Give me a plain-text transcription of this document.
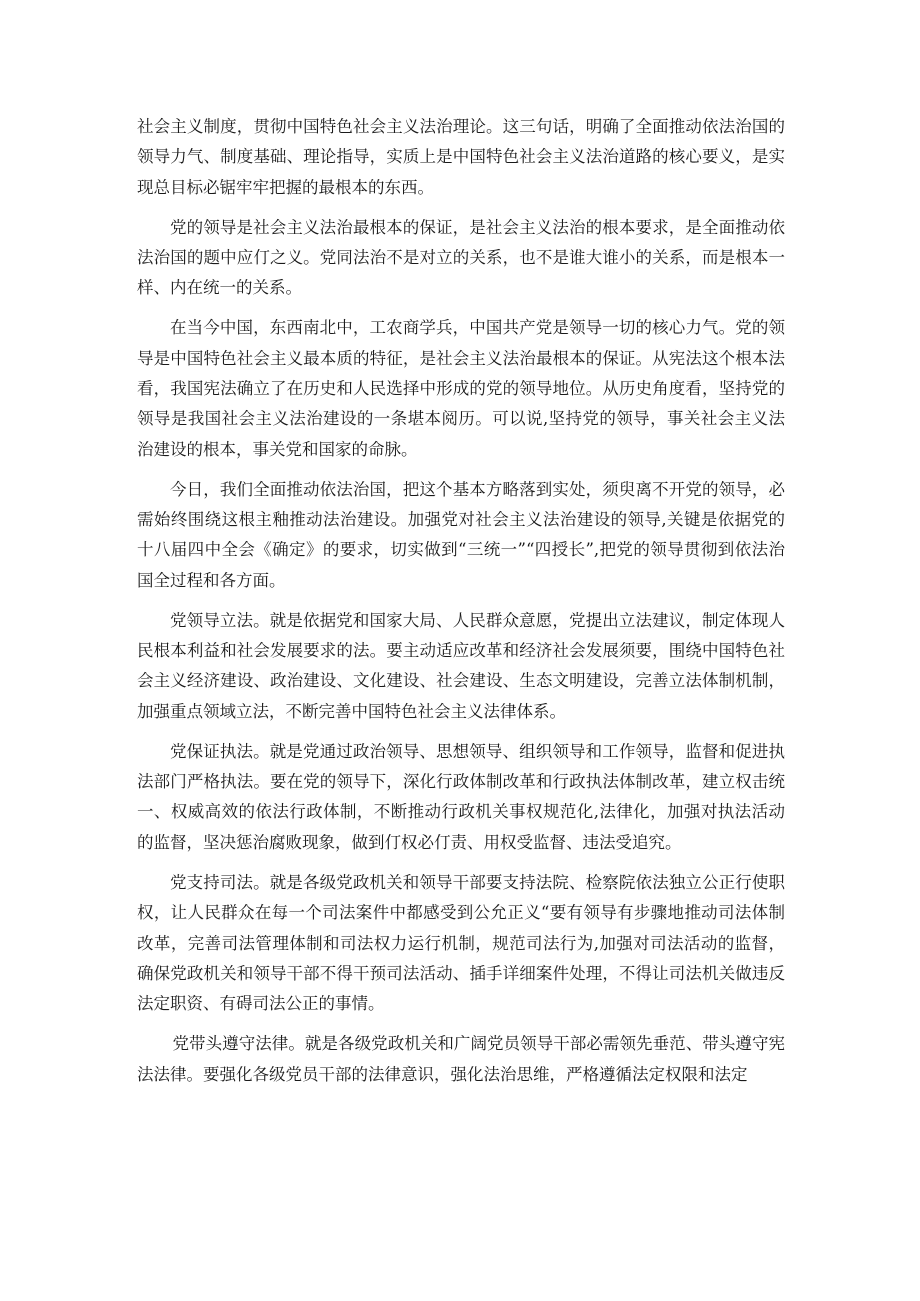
社会主义制度，贯彻中国特色社会主义法治理论。这三句话，明确了全面推动依法治国的领导力气、制度基础、理论指导，实质上是中国特色社会主义法治道路的核心要义，是实现总目标必锯牢牢把握的最根本的东西。

党的领导是社会主义法治最根本的保证，是社会主义法治的根本要求，是全面推动依法治国的题中应仃之义。党同法治不是对立的关系，也不是谁大谁小的关系，而是根本一样、内在统一的关系。

在当今中国，东西南北中，工农商学兵，中国共产党是领导一切的核心力气。党的领导是中国特色社会主义最本质的特征，是社会主义法治最根本的保证。从宪法这个根本法看，我国宪法确立了在历史和人民选择中形成的党的领导地位。从历史角度看，坚持党的领导是我国社会主义法治建设的一条堪本阅历。可以说,坚持党的领导，事关社会主义法治建设的根本，事关党和国家的命脉。

今日，我们全面推动依法治国，把这个基本方略落到实处，须臾离不开党的领导，必需始终围绕这根主釉推动法治建设。加强党对社会主义法治建设的领导,关键是依据党的十八届四中全会《确定》的要求，切实做到“三统一”“四授长”,把党的领导贯彻到依法治国全过程和各方面。

党领导立法。就是依据党和国家大局、人民群众意愿，党提出立法建议，制定体现人民根本利益和社会发展要求的法。要主动适应改革和经济社会发展须要，围绕中国特色社会主义经济建设、政治建设、文化建设、社会建设、生态文明建设，完善立法体制机制，加强重点领域立法，不断完善中国特色社会主义法律体系。

党保证执法。就是党通过政治领导、思想领导、组织领导和工作领导，监督和促进执法部门严格执法。要在党的领导下，深化行政体制改革和行政执法体制改革，建立权击统一、权威高效的依法行政体制，不断推动行政机关事权规范化,法律化，加强对执法活动的监督，坚决惩治腐败现象，做到仃权必仃责、用权受监督、违法受追究。

党支持司法。就是各级党政机关和领导干部要支持法院、检察院依法独立公正行使职权，让人民群众在每一个司法案件中都感受到公允正义“要有领导有步骤地推动司法体制改革，完善司法管理体制和司法权力运行机制，规范司法行为,加强对司法活动的监督，确保党政机关和领导干部不得干预司法活动、插手详细案件处理，不得让司法机关做违反法定职资、有碍司法公正的事情。

党带头遵守法律。就是各级党政机关和广阔党员领导干部必需领先垂范、带头遵守宪法法律。要强化各级党员干部的法律意识，强化法治思维，严格遵循法定权限和法定
